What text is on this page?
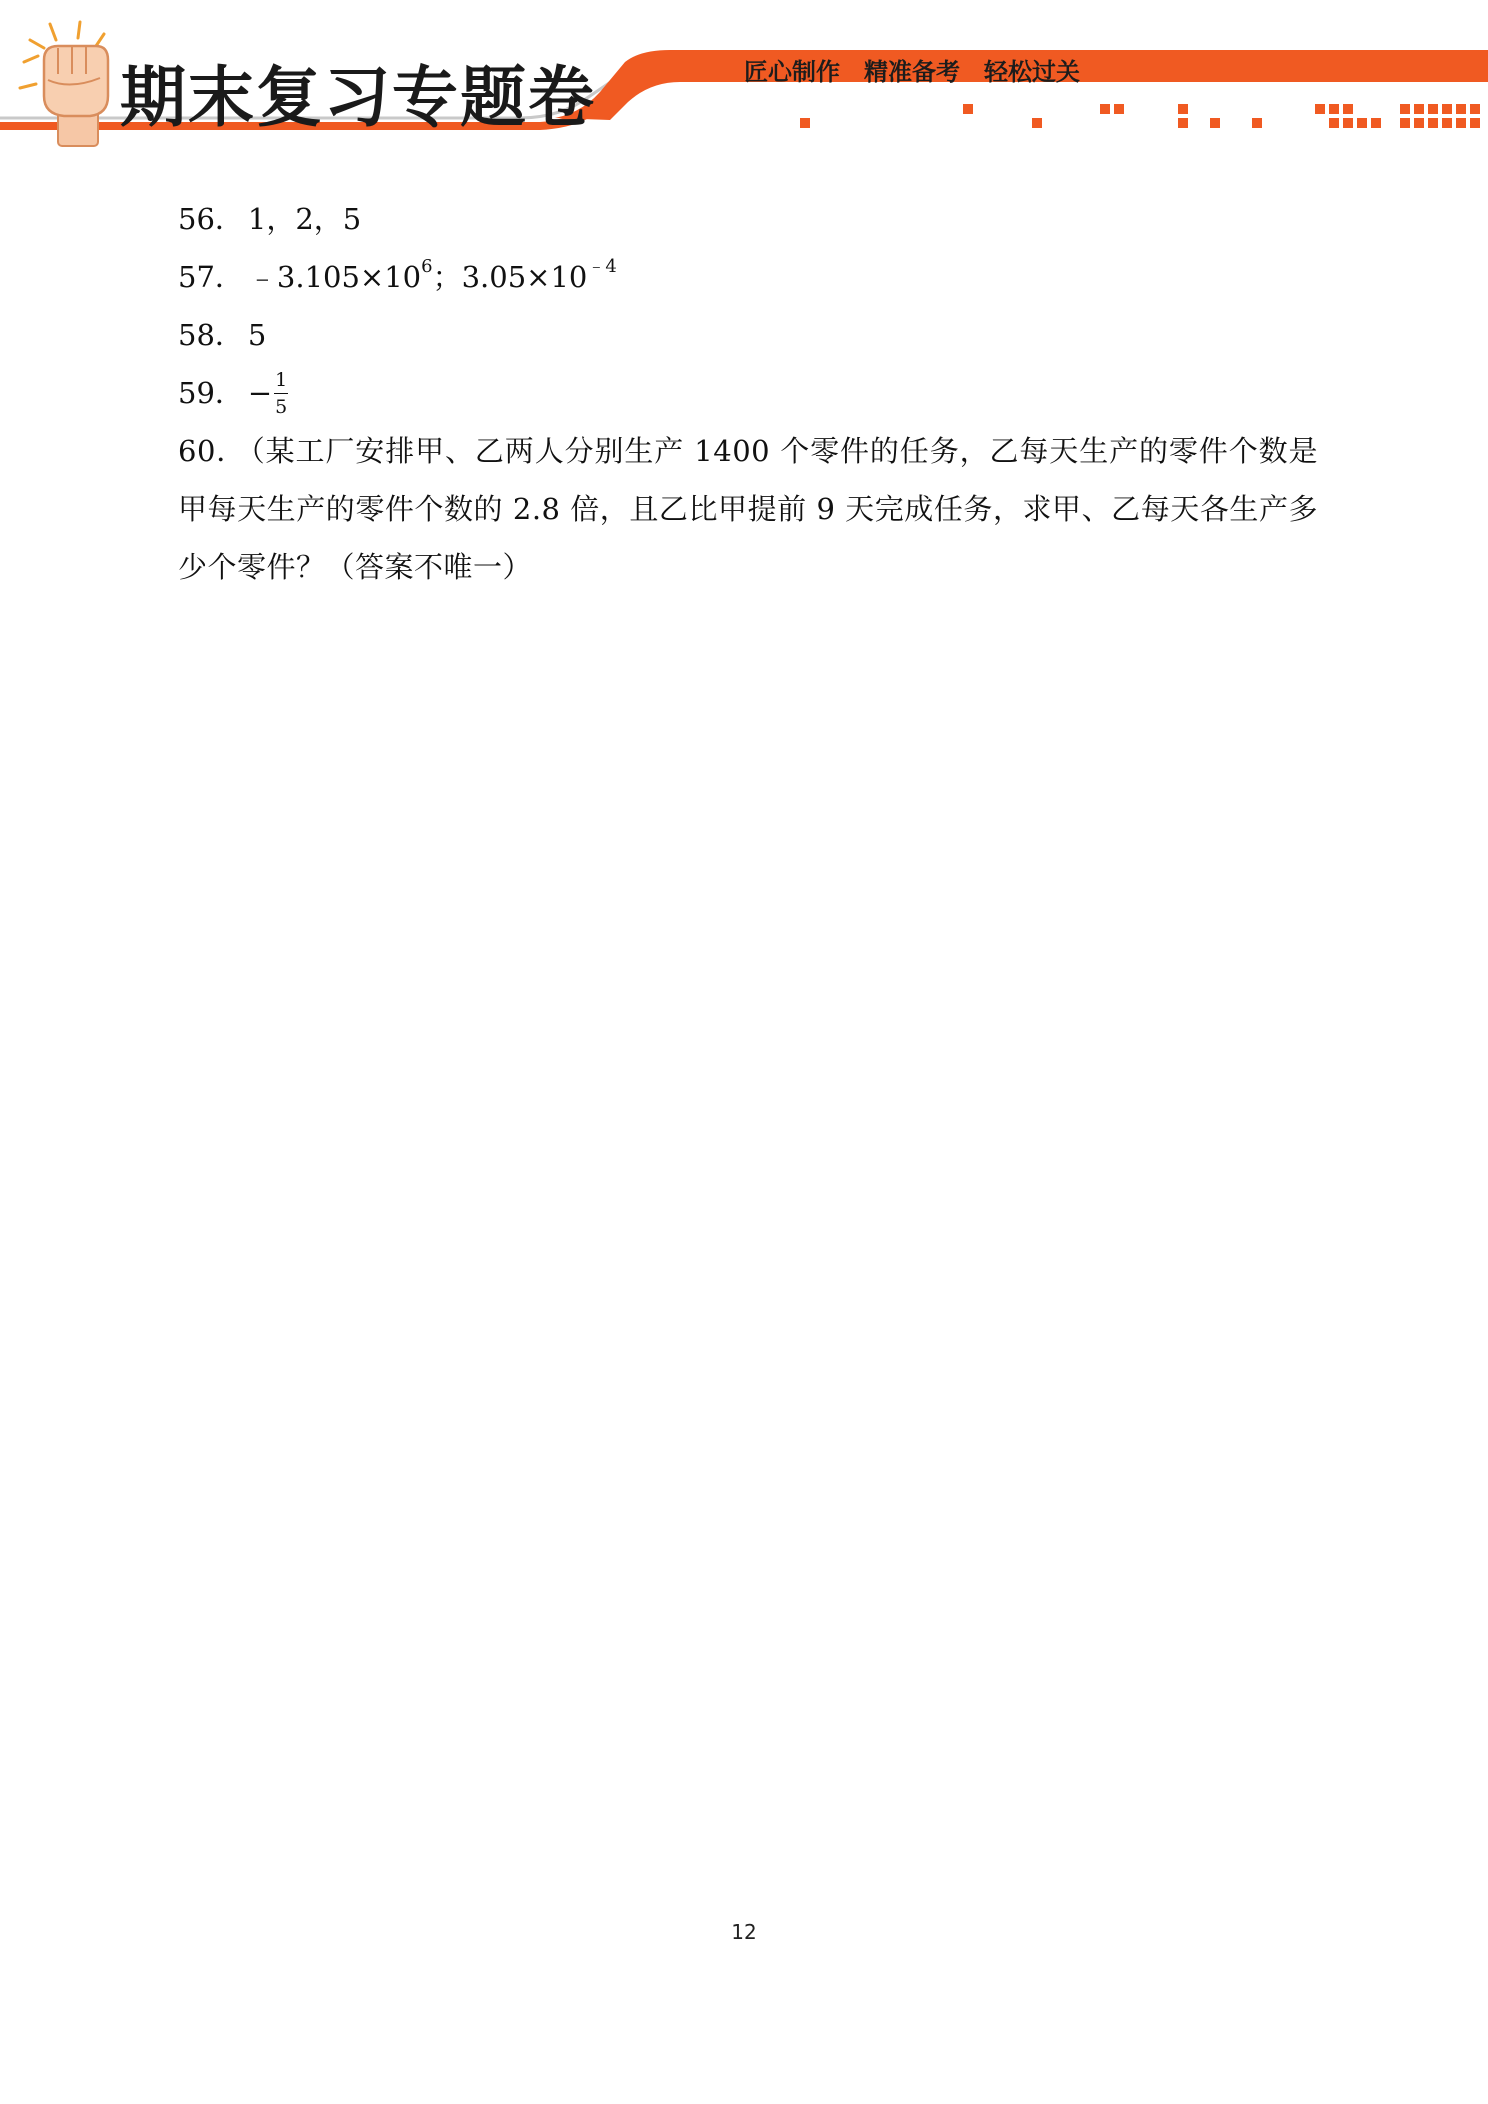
期末复习专题卷	匠心制作 精准备考 轻松过关
56． 1，2，5
57． $﹣3.105\times 10^6$；$3.05\times 10^{﹣4}$
58． 5
59． − $\frac{1}{5}$
60． （某工厂安排甲、乙两人分别生产 1400 个零件的任务，乙每天生产的零件个数是甲每天生产的零件个数的 2.8 倍，且乙比甲提前 9 天完成任务，求甲、乙每天各生产多少个零件？（答案不唯一）
12
